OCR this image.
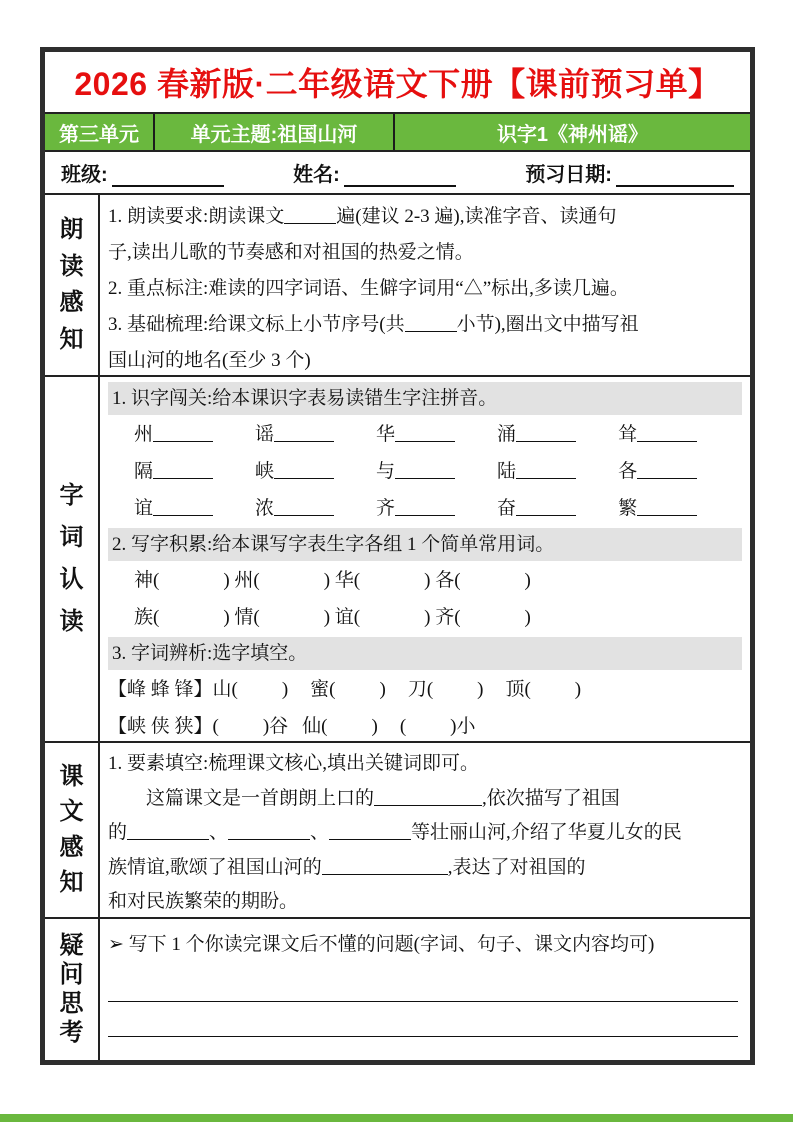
2026 春新版·二年级语文下册【课前预习单】
第三单元	单元主题:祖国山河	识字1《神州谣》
班级:	姓名:	预习日期:
朗
读
感
知
1. 朗读要求:朗读课文	遍(建议 2-3 遍),读准字音、读通句
子,读出儿歌的节奏感和对祖国的热爱之情。
2. 重点标注:难读的四字词语、生僻字词用“△”标出,多读几遍。
3. 基础梳理:给课文标上小节序号(共	小节),圈出文中描写祖
国山河的地名(至少 3 个)
字
词
认
读
1. 识字闯关:给本课识字表易读错生字注拼音。
州	谣	华	涌	耸
隔	峡	与	陆	各
谊	浓	齐	奋	繁
2. 写字积累:给本课写字表生字各组 1 个简单常用词。
神(	) 州(	) 华(	) 各(	)
族(	) 情(	) 谊(	) 齐(	)
3. 字词辨析:选字填空。
【峰 蜂 锋】山( ) 蜜( ) 刀( ) 顶( )
【峡 侠 狭】( )谷 仙( ) ( )小
课
文
感
知
1. 要素填空:梳理课文核心,填出关键词即可。
这篇课文是一首朗朗上口的	,依次描写了祖国
的	、	、	等壮丽山河,介绍了华夏儿女的民
族情谊,歌颂了祖国山河的	,表达了对祖国的
和对民族繁荣的期盼。
疑
问
思
考
➢ 写下 1 个你读完课文后不懂的问题(字词、句子、课文内容均可)
